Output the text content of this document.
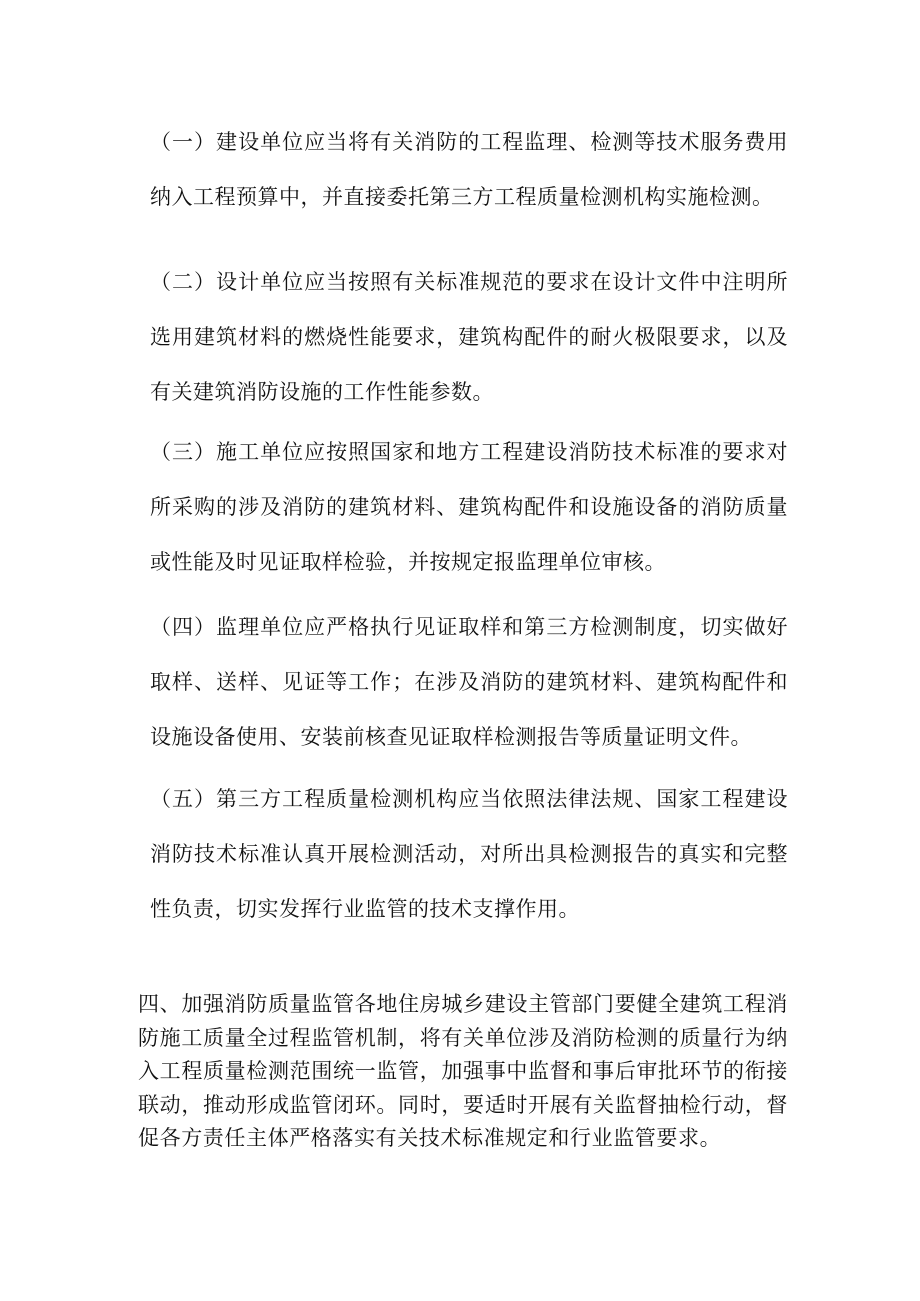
（一）建设单位应当将有关消防的工程监理、检测等技术服务费用纳入工程预算中，并直接委托第三方工程质量检测机构实施检测。

（二）设计单位应当按照有关标准规范的要求在设计文件中注明所选用建筑材料的燃烧性能要求，建筑构配件的耐火极限要求，以及有关建筑消防设施的工作性能参数。

（三）施工单位应按照国家和地方工程建设消防技术标准的要求对所采购的涉及消防的建筑材料、建筑构配件和设施设备的消防质量或性能及时见证取样检验，并按规定报监理单位审核。

（四）监理单位应严格执行见证取样和第三方检测制度，切实做好取样、送样、见证等工作；在涉及消防的建筑材料、建筑构配件和设施设备使用、安装前核查见证取样检测报告等质量证明文件。

（五）第三方工程质量检测机构应当依照法律法规、国家工程建设消防技术标准认真开展检测活动，对所出具检测报告的真实和完整性负责，切实发挥行业监管的技术支撑作用。

四、加强消防质量监管各地住房城乡建设主管部门要健全建筑工程消防施工质量全过程监管机制，将有关单位涉及消防检测的质量行为纳入工程质量检测范围统一监管，加强事中监督和事后审批环节的衔接联动，推动形成监管闭环。同时，要适时开展有关监督抽检行动，督促各方责任主体严格落实有关技术标准规定和行业监管要求。
